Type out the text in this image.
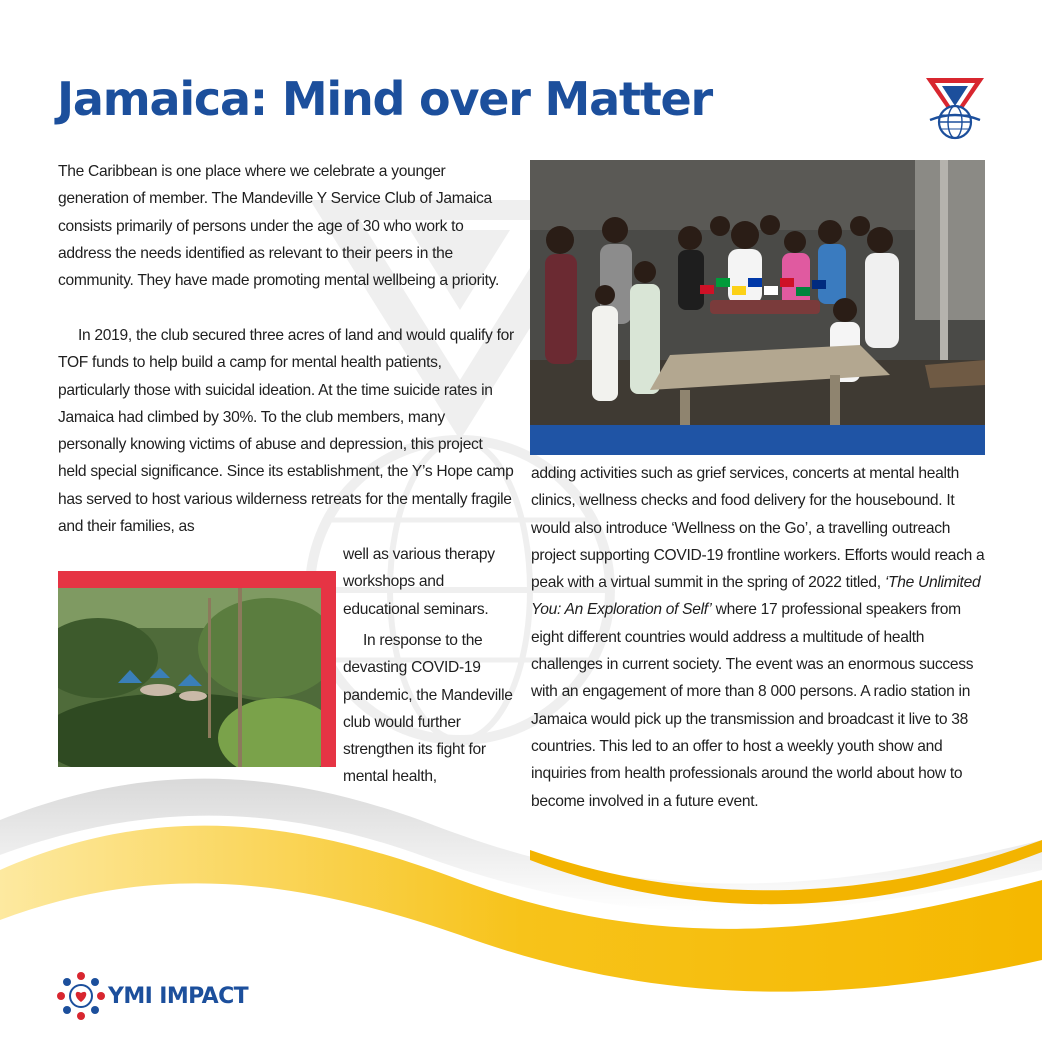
Jamaica: Mind over Matter

The Caribbean is one place where we celebrate a younger generation of member. The Mandeville Y Service Club of Jamaica consists primarily of persons under the age of 30 who work to address the needs identified as relevant to their peers in the community. They have made promoting mental wellbeing a priority.

In 2019, the club secured three acres of land and would qualify for TOF funds to help build a camp for mental health patients, particularly those with suicidal ideation. At the time suicide rates in Jamaica had climbed by 30%. To the club members, many personally knowing victims of abuse and depression, this project held special significance. Since its establishment, the Y’s Hope camp has served to host various wilderness retreats for the mentally fragile and their families, as

well as various therapy workshops and educational seminars.

In response to the devasting COVID-19 pandemic, the Mandeville club would further strengthen its fight for mental health,

adding activities such as grief services, concerts at mental health clinics, wellness checks and food delivery for the housebound. It would also introduce ‘Wellness on the Go’, a travelling outreach project supporting COVID-19 frontline workers. Efforts would reach a peak with a virtual summit in the spring of 2022 titled, ‘The Unlimited You: An Exploration of Self’ where 17 professional speakers from eight different countries would address a multitude of health challenges in current society. The event was an enormous success with an engagement of more than 8 000 persons. A radio station in Jamaica would pick up the transmission and broadcast it live to 38 countries. This led to an offer to host a weekly youth show and inquiries from health professionals around the world about how to become involved in a future event.

YMI IMPACT
